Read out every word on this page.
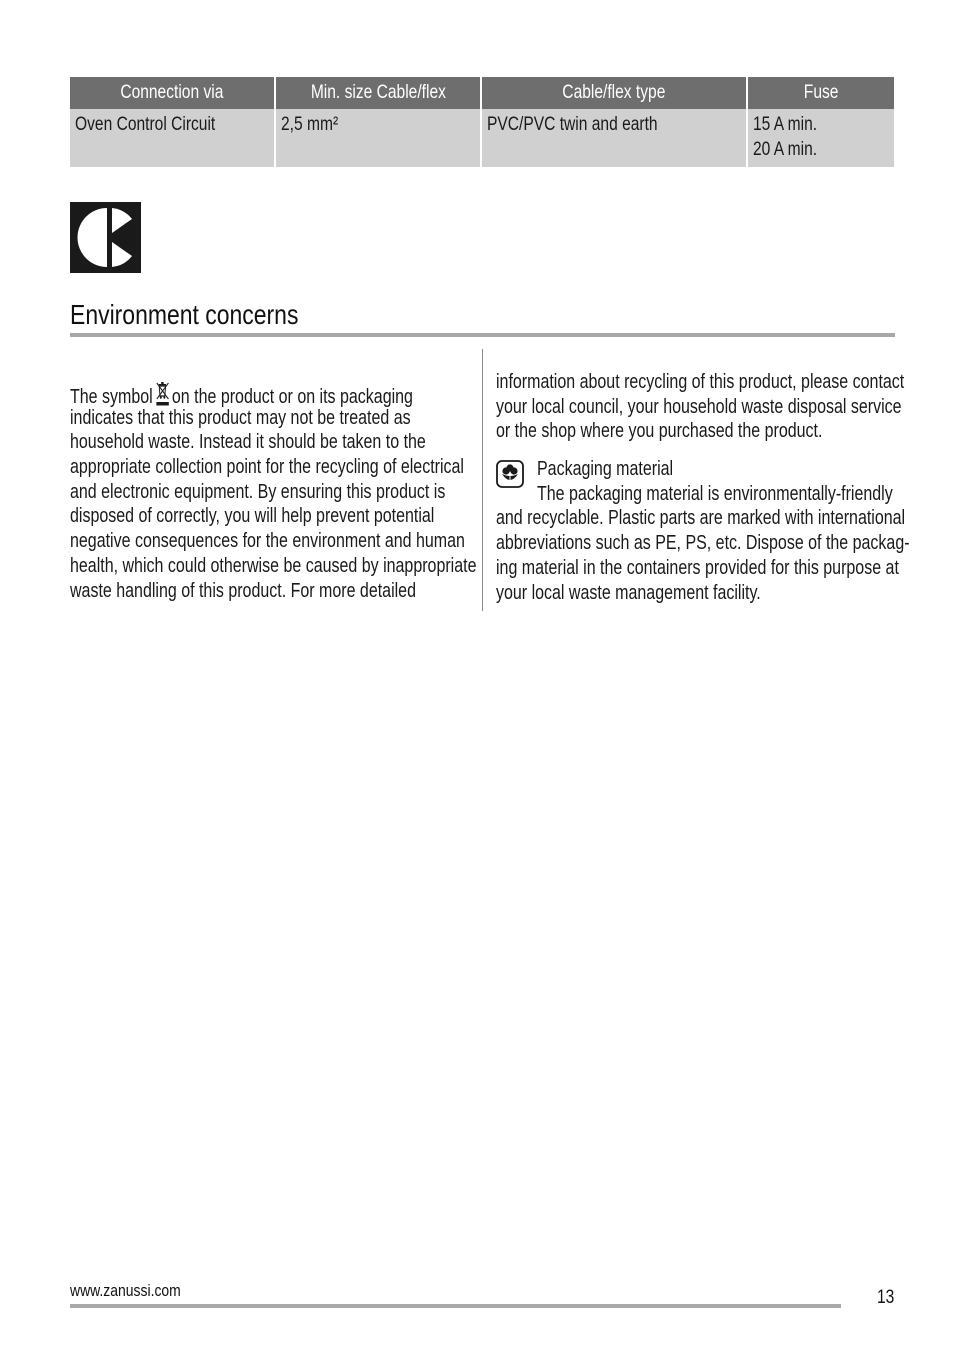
Connection via	Min. size Cable/flex	Cable/flex type	Fuse
Oven Control Circuit	2,5 mm²	PVC/PVC twin and earth	15 A min.
20 A min.
Environment concerns
The symbol on the product or on its packaging
indicates that this product may not be treated as
household waste. Instead it should be taken to the
appropriate collection point for the recycling of electrical
and electronic equipment. By ensuring this product is
disposed of correctly, you will help prevent potential
negative consequences for the environment and human
health, which could otherwise be caused by inappropriate
waste handling of this product. For more detailed
information about recycling of this product, please contact
your local council, your household waste disposal service
or the shop where you purchased the product.
Packaging material
The packaging material is environmentally-friendly
and recyclable. Plastic parts are marked with international
abbreviations such as PE, PS, etc. Dispose of the packag-
ing material in the containers provided for this purpose at
your local waste management facility.
www.zanussi.com	13
